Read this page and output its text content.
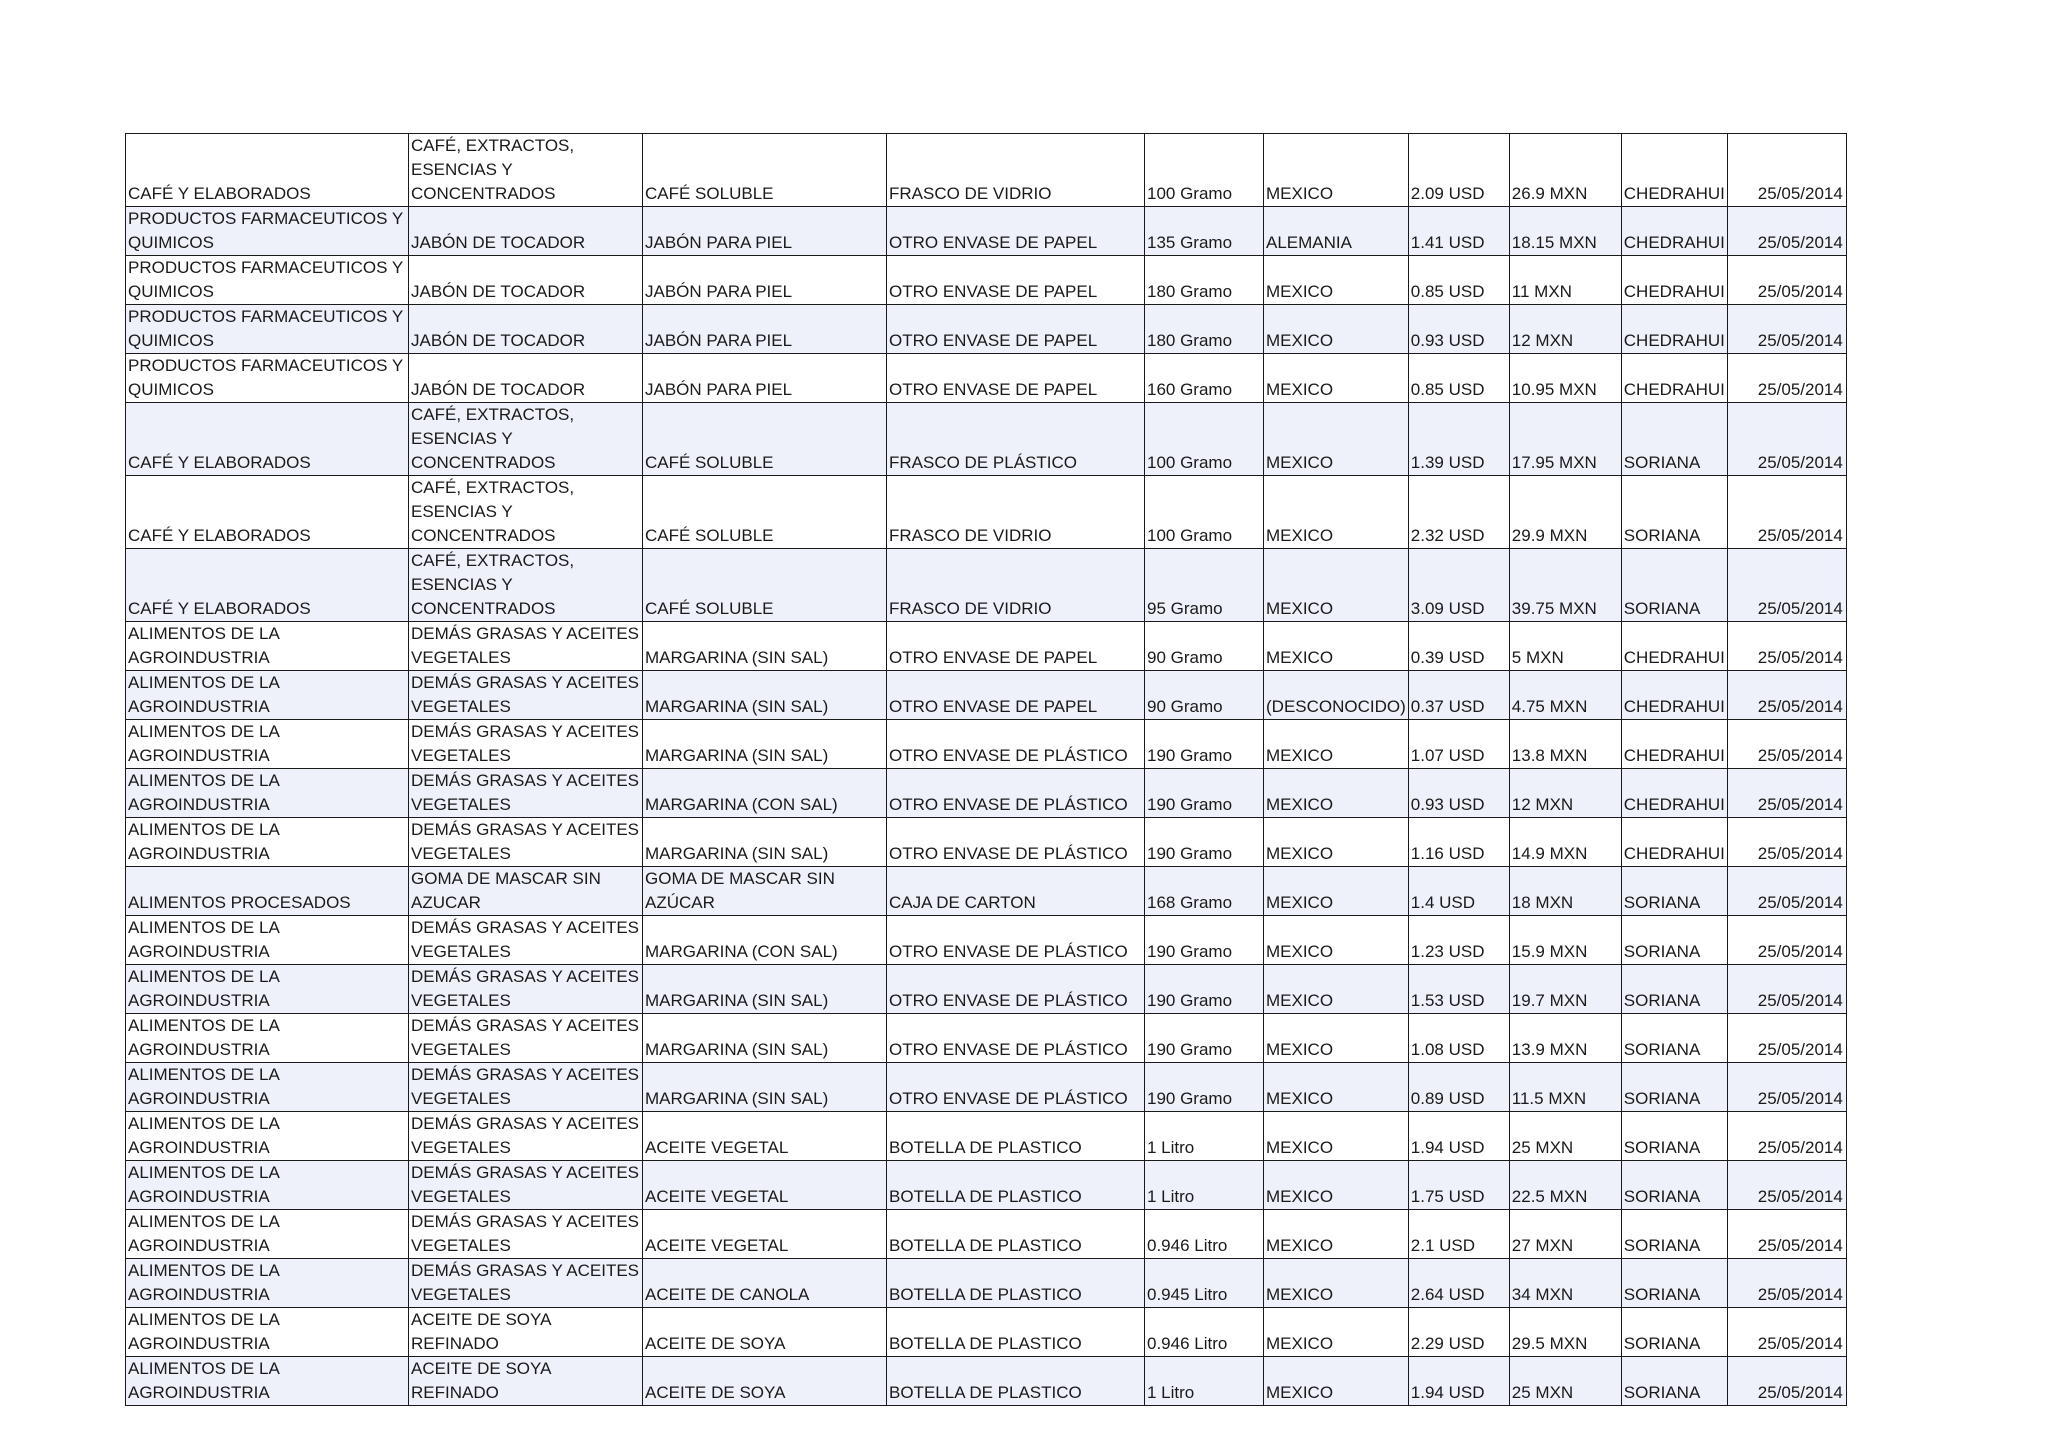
CAFÉ Y ELABORADOS	CAFÉ, EXTRACTOS, ESENCIAS Y CONCENTRADOS	CAFÉ SOLUBLE	FRASCO DE VIDRIO	100 Gramo	MEXICO	2.09 USD	26.9 MXN	CHEDRAHUI	25/05/2014
PRODUCTOS FARMACEUTICOS Y QUIMICOS	JABÓN DE TOCADOR	JABÓN PARA PIEL	OTRO ENVASE DE PAPEL	135 Gramo	ALEMANIA	1.41 USD	18.15 MXN	CHEDRAHUI	25/05/2014
PRODUCTOS FARMACEUTICOS Y QUIMICOS	JABÓN DE TOCADOR	JABÓN PARA PIEL	OTRO ENVASE DE PAPEL	180 Gramo	MEXICO	0.85 USD	11 MXN	CHEDRAHUI	25/05/2014
PRODUCTOS FARMACEUTICOS Y QUIMICOS	JABÓN DE TOCADOR	JABÓN PARA PIEL	OTRO ENVASE DE PAPEL	180 Gramo	MEXICO	0.93 USD	12 MXN	CHEDRAHUI	25/05/2014
PRODUCTOS FARMACEUTICOS Y QUIMICOS	JABÓN DE TOCADOR	JABÓN PARA PIEL	OTRO ENVASE DE PAPEL	160 Gramo	MEXICO	0.85 USD	10.95 MXN	CHEDRAHUI	25/05/2014
CAFÉ Y ELABORADOS	CAFÉ, EXTRACTOS, ESENCIAS Y CONCENTRADOS	CAFÉ SOLUBLE	FRASCO DE PLÁSTICO	100 Gramo	MEXICO	1.39 USD	17.95 MXN	SORIANA	25/05/2014
CAFÉ Y ELABORADOS	CAFÉ, EXTRACTOS, ESENCIAS Y CONCENTRADOS	CAFÉ SOLUBLE	FRASCO DE VIDRIO	100 Gramo	MEXICO	2.32 USD	29.9 MXN	SORIANA	25/05/2014
CAFÉ Y ELABORADOS	CAFÉ, EXTRACTOS, ESENCIAS Y CONCENTRADOS	CAFÉ SOLUBLE	FRASCO DE VIDRIO	95 Gramo	MEXICO	3.09 USD	39.75 MXN	SORIANA	25/05/2014
ALIMENTOS DE LA AGROINDUSTRIA	DEMÁS GRASAS Y ACEITES VEGETALES	MARGARINA (SIN SAL)	OTRO ENVASE DE PAPEL	90 Gramo	MEXICO	0.39 USD	5 MXN	CHEDRAHUI	25/05/2014
ALIMENTOS DE LA AGROINDUSTRIA	DEMÁS GRASAS Y ACEITES VEGETALES	MARGARINA (SIN SAL)	OTRO ENVASE DE PAPEL	90 Gramo	(DESCONOCIDO)	0.37 USD	4.75 MXN	CHEDRAHUI	25/05/2014
ALIMENTOS DE LA AGROINDUSTRIA	DEMÁS GRASAS Y ACEITES VEGETALES	MARGARINA (SIN SAL)	OTRO ENVASE DE PLÁSTICO	190 Gramo	MEXICO	1.07 USD	13.8 MXN	CHEDRAHUI	25/05/2014
ALIMENTOS DE LA AGROINDUSTRIA	DEMÁS GRASAS Y ACEITES VEGETALES	MARGARINA (CON SAL)	OTRO ENVASE DE PLÁSTICO	190 Gramo	MEXICO	0.93 USD	12 MXN	CHEDRAHUI	25/05/2014
ALIMENTOS DE LA AGROINDUSTRIA	DEMÁS GRASAS Y ACEITES VEGETALES	MARGARINA (SIN SAL)	OTRO ENVASE DE PLÁSTICO	190 Gramo	MEXICO	1.16 USD	14.9 MXN	CHEDRAHUI	25/05/2014
ALIMENTOS PROCESADOS	GOMA DE MASCAR SIN AZUCAR	GOMA DE MASCAR SIN AZÚCAR	CAJA DE CARTON	168 Gramo	MEXICO	1.4 USD	18 MXN	SORIANA	25/05/2014
ALIMENTOS DE LA AGROINDUSTRIA	DEMÁS GRASAS Y ACEITES VEGETALES	MARGARINA (CON SAL)	OTRO ENVASE DE PLÁSTICO	190 Gramo	MEXICO	1.23 USD	15.9 MXN	SORIANA	25/05/2014
ALIMENTOS DE LA AGROINDUSTRIA	DEMÁS GRASAS Y ACEITES VEGETALES	MARGARINA (SIN SAL)	OTRO ENVASE DE PLÁSTICO	190 Gramo	MEXICO	1.53 USD	19.7 MXN	SORIANA	25/05/2014
ALIMENTOS DE LA AGROINDUSTRIA	DEMÁS GRASAS Y ACEITES VEGETALES	MARGARINA (SIN SAL)	OTRO ENVASE DE PLÁSTICO	190 Gramo	MEXICO	1.08 USD	13.9 MXN	SORIANA	25/05/2014
ALIMENTOS DE LA AGROINDUSTRIA	DEMÁS GRASAS Y ACEITES VEGETALES	MARGARINA (SIN SAL)	OTRO ENVASE DE PLÁSTICO	190 Gramo	MEXICO	0.89 USD	11.5 MXN	SORIANA	25/05/2014
ALIMENTOS DE LA AGROINDUSTRIA	DEMÁS GRASAS Y ACEITES VEGETALES	ACEITE VEGETAL	BOTELLA DE PLASTICO	1 Litro	MEXICO	1.94 USD	25 MXN	SORIANA	25/05/2014
ALIMENTOS DE LA AGROINDUSTRIA	DEMÁS GRASAS Y ACEITES VEGETALES	ACEITE VEGETAL	BOTELLA DE PLASTICO	1 Litro	MEXICO	1.75 USD	22.5 MXN	SORIANA	25/05/2014
ALIMENTOS DE LA AGROINDUSTRIA	DEMÁS GRASAS Y ACEITES VEGETALES	ACEITE VEGETAL	BOTELLA DE PLASTICO	0.946 Litro	MEXICO	2.1 USD	27 MXN	SORIANA	25/05/2014
ALIMENTOS DE LA AGROINDUSTRIA	DEMÁS GRASAS Y ACEITES VEGETALES	ACEITE DE CANOLA	BOTELLA DE PLASTICO	0.945 Litro	MEXICO	2.64 USD	34 MXN	SORIANA	25/05/2014
ALIMENTOS DE LA AGROINDUSTRIA	ACEITE DE SOYA REFINADO	ACEITE DE SOYA	BOTELLA DE PLASTICO	0.946 Litro	MEXICO	2.29 USD	29.5 MXN	SORIANA	25/05/2014
ALIMENTOS DE LA AGROINDUSTRIA	ACEITE DE SOYA REFINADO	ACEITE DE SOYA	BOTELLA DE PLASTICO	1 Litro	MEXICO	1.94 USD	25 MXN	SORIANA	25/05/2014
